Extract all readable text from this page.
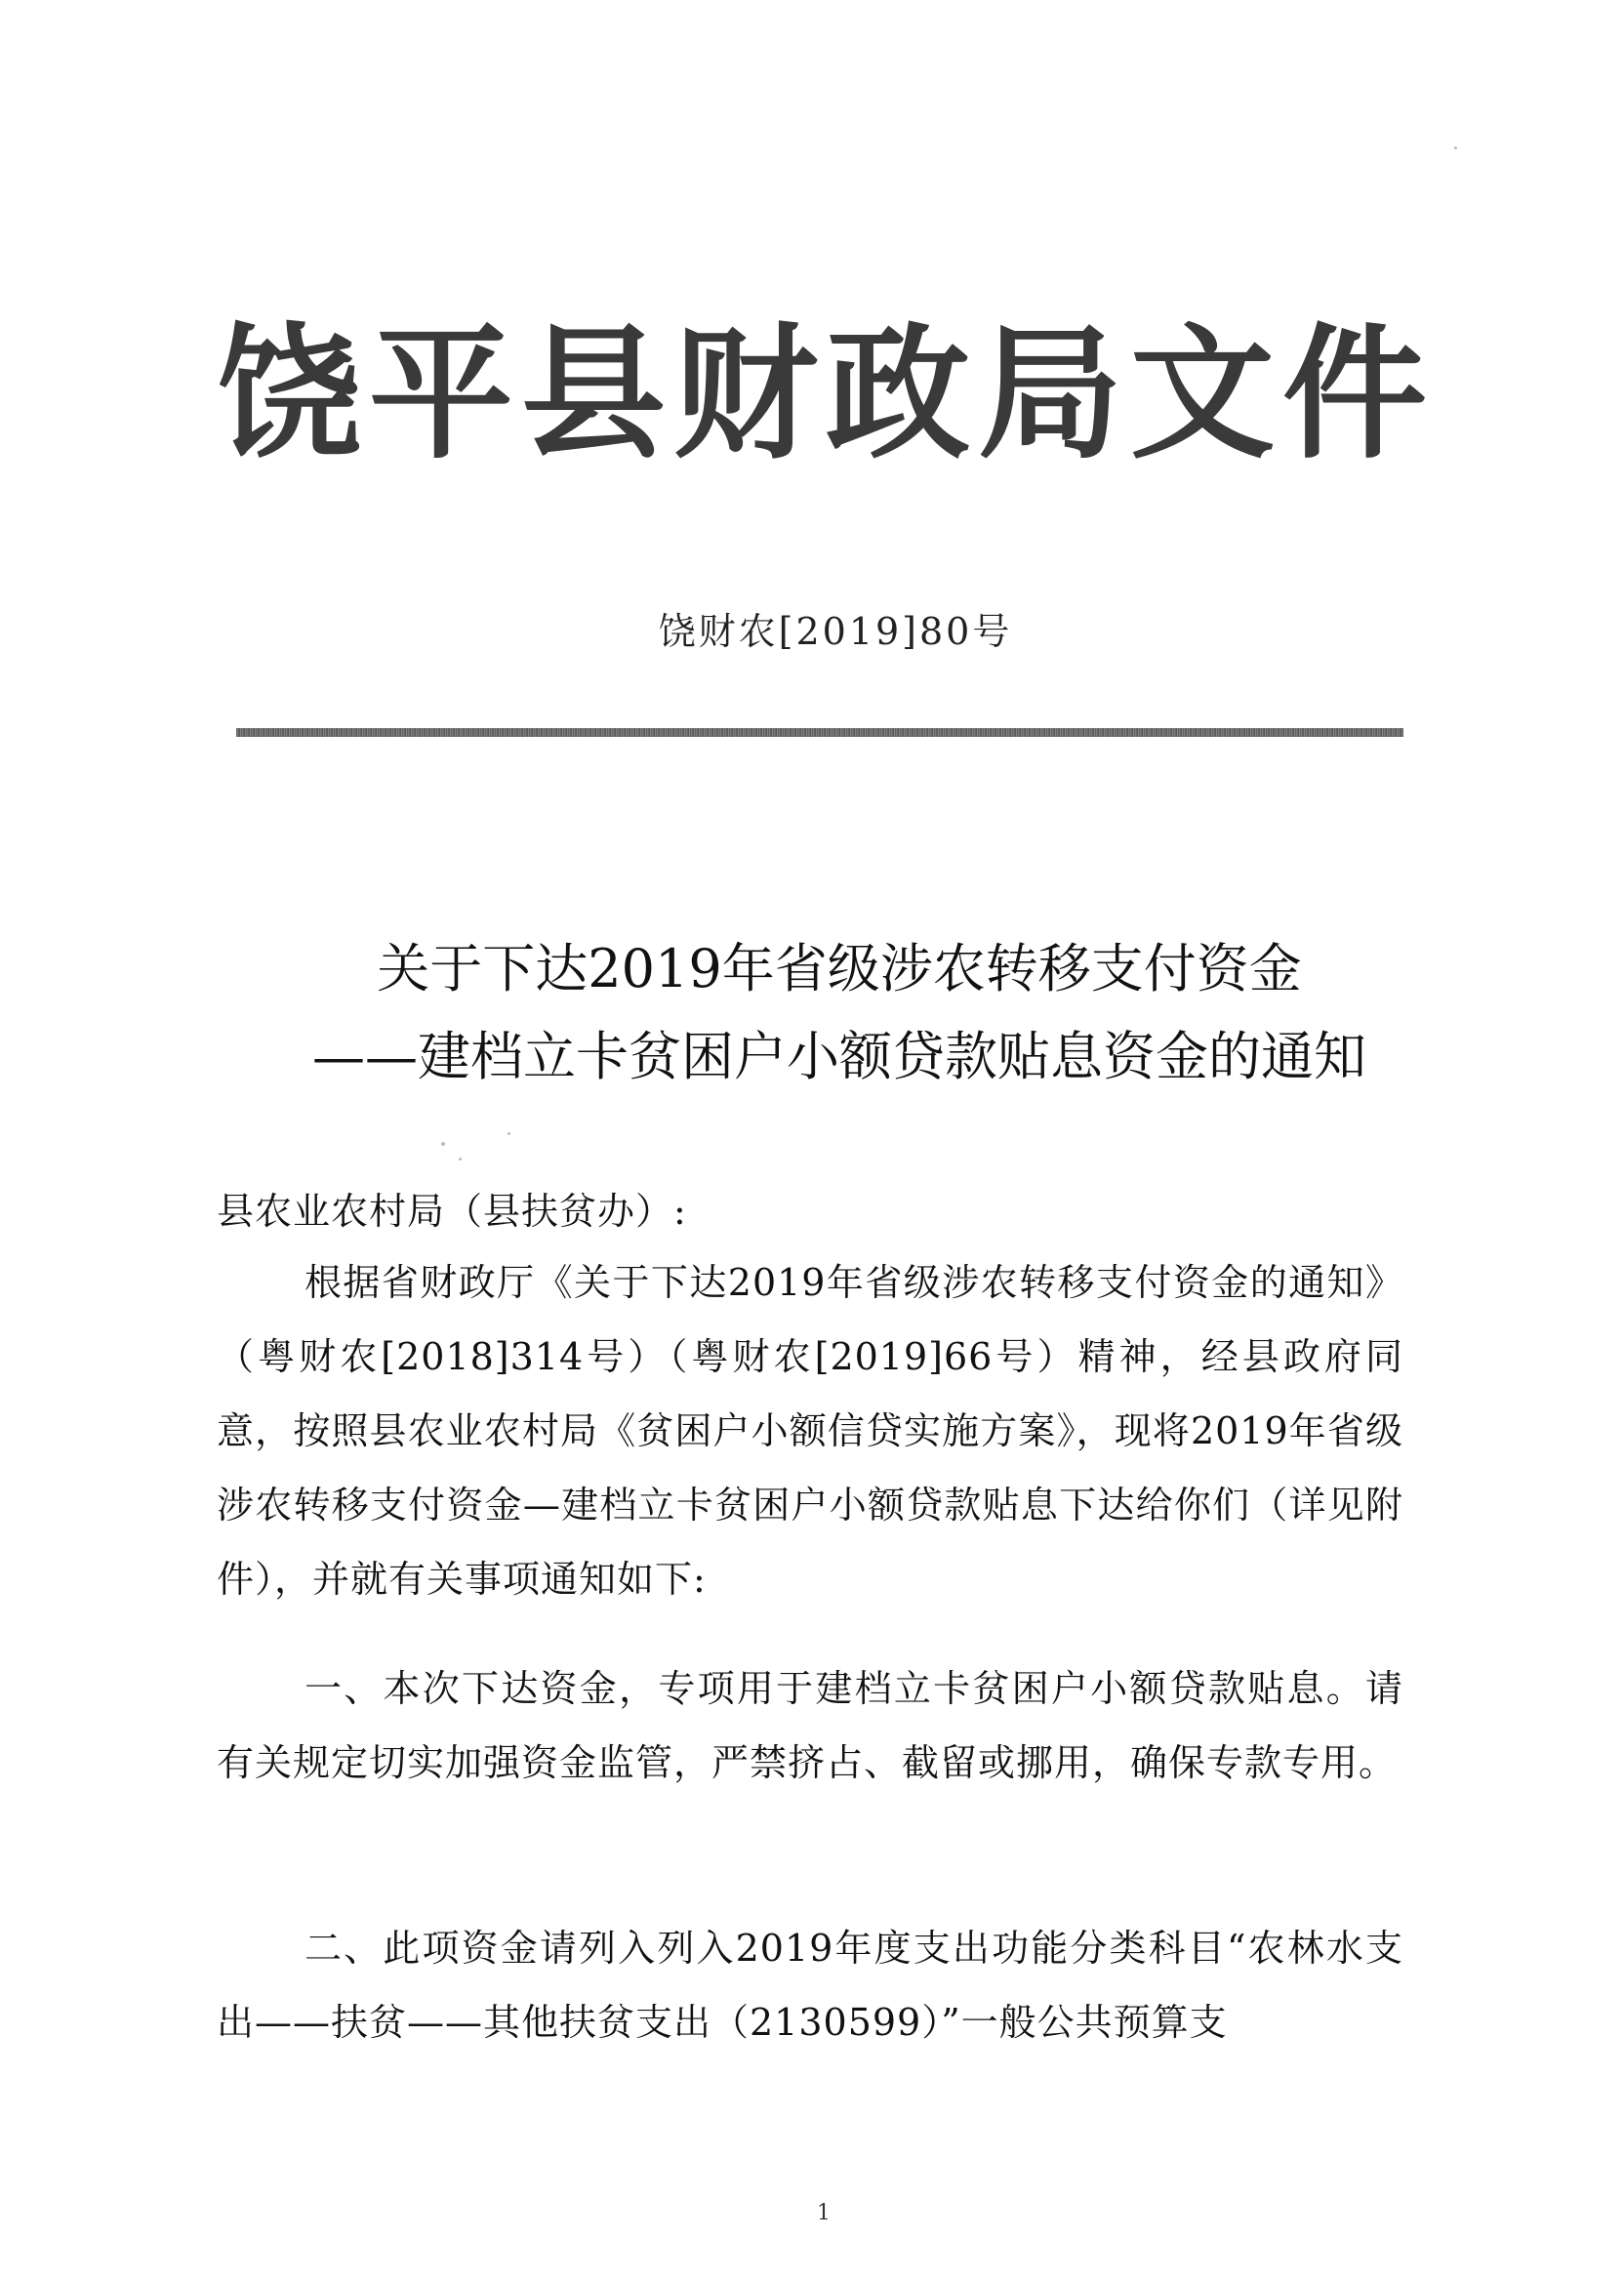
饶平县财政局文件
饶财农[2019]80号
关于下达2019年省级涉农转移支付资金
——建档立卡贫困户小额贷款贴息资金的通知
县农业农村局（县扶贫办）:
根据省财政厅《关于下达2019年省级涉农转移支付资金的通知》（粤财农[2018]314号）（粤财农[2019]66号）精神，经县政府同意，按照县农业农村局《贫困户小额信贷实施方案》，现将2019年省级涉农转移支付资金—建档立卡贫困户小额贷款贴息下达给你们（详见附件），并就有关事项通知如下:
一、本次下达资金，专项用于建档立卡贫困户小额贷款贴息。请有关规定切实加强资金监管，严禁挤占、截留或挪用，确保专款专用。
二、此项资金请列入列入2019年度支出功能分类科目“农林水支出——扶贫——其他扶贫支出（2130599）”一般公共预算支
1
